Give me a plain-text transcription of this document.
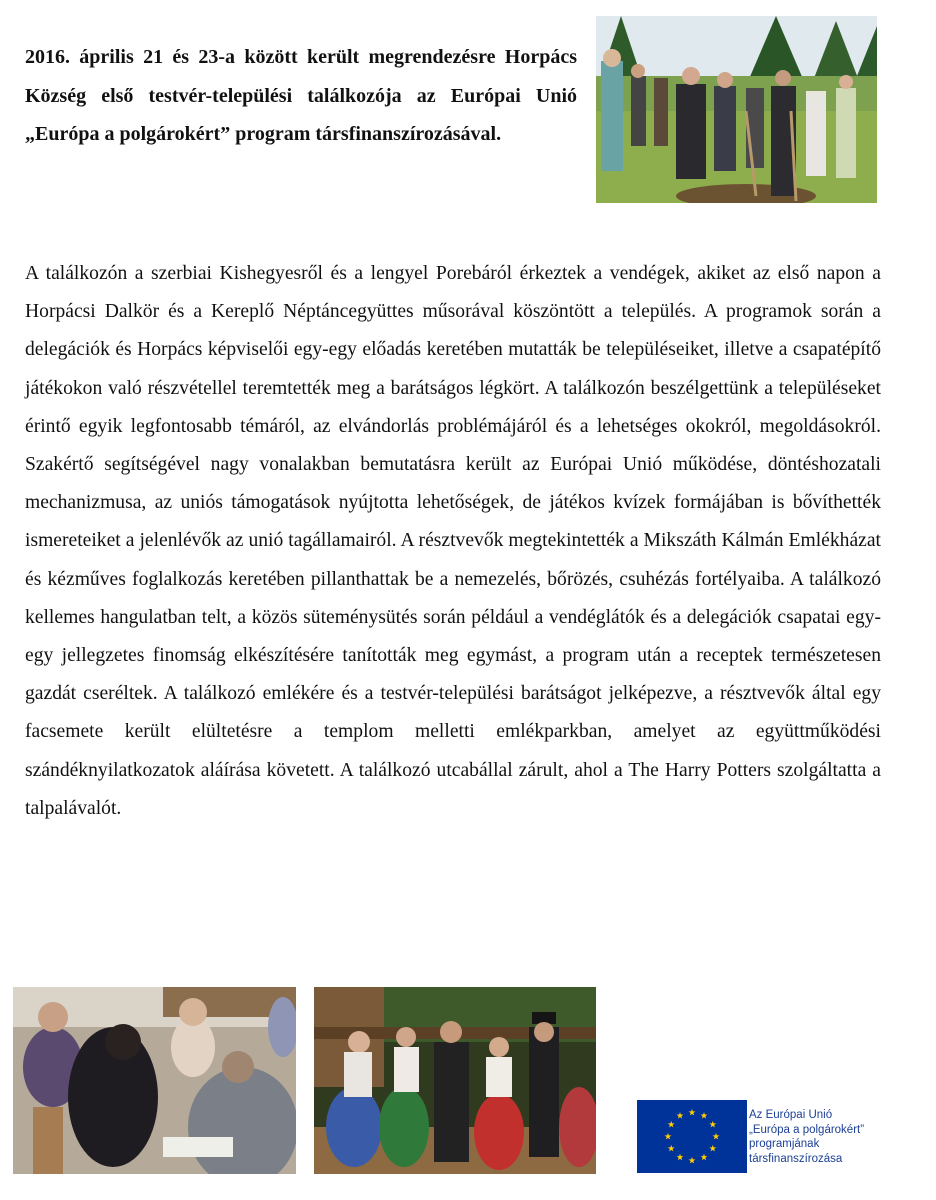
2016. április 21 és 23-a között került megrendezésre Horpács Község első testvér-települési találkozója az Európai Unió „Európa a polgárokért” program társfinanszírozásával.

A találkozón a szerbiai Kishegyesről és a lengyel Porebáról érkeztek a vendégek, akiket az első napon a Horpácsi Dalkör és a Kereplő Néptáncegyüttes műsorával köszöntött a település. A programok során a delegációk és Horpács képviselői egy-egy előadás keretében mutatták be településeiket, illetve a csapatépítő játékokon való részvétellel teremtették meg a barátságos légkört. A találkozón beszélgettünk a településeket érintő egyik legfontosabb témáról, az elvándorlás problémájáról és a lehetséges okokról, megoldásokról. Szakértő segítségével nagy vonalakban bemutatásra került az Európai Unió működése, döntéshozatali mechanizmusa, az uniós támogatások nyújtotta lehetőségek, de játékos kvízek formájában is bővíthették ismereteiket a jelenlévők az unió tagállamairól. A résztvevők megtekintették a Mikszáth Kálmán Emlékházat és kézműves foglalkozás keretében pillanthattak be a nemezelés, bőrözés, csuhézás fortélyaiba. A találkozó kellemes hangulatban telt, a közös süteménysütés során például a vendéglátók és a delegációk csapatai egy- egy jellegzetes finomság elkészítésére tanították meg egymást, a program után a receptek természetesen gazdát cseréltek. A találkozó emlékére és a testvér-települési barátságot jelképezve, a résztvevők által egy facsemete került elültetésre a templom melletti emlékparkban, amelyet az együttműködési szándéknyilatkozatok aláírása követett. A találkozó utcabállal zárult, ahol a The Harry Potters szolgáltatta a talpalávalót.

Az Európai Unió
„Európa a polgárokért”
programjának
társfinanszírozása
